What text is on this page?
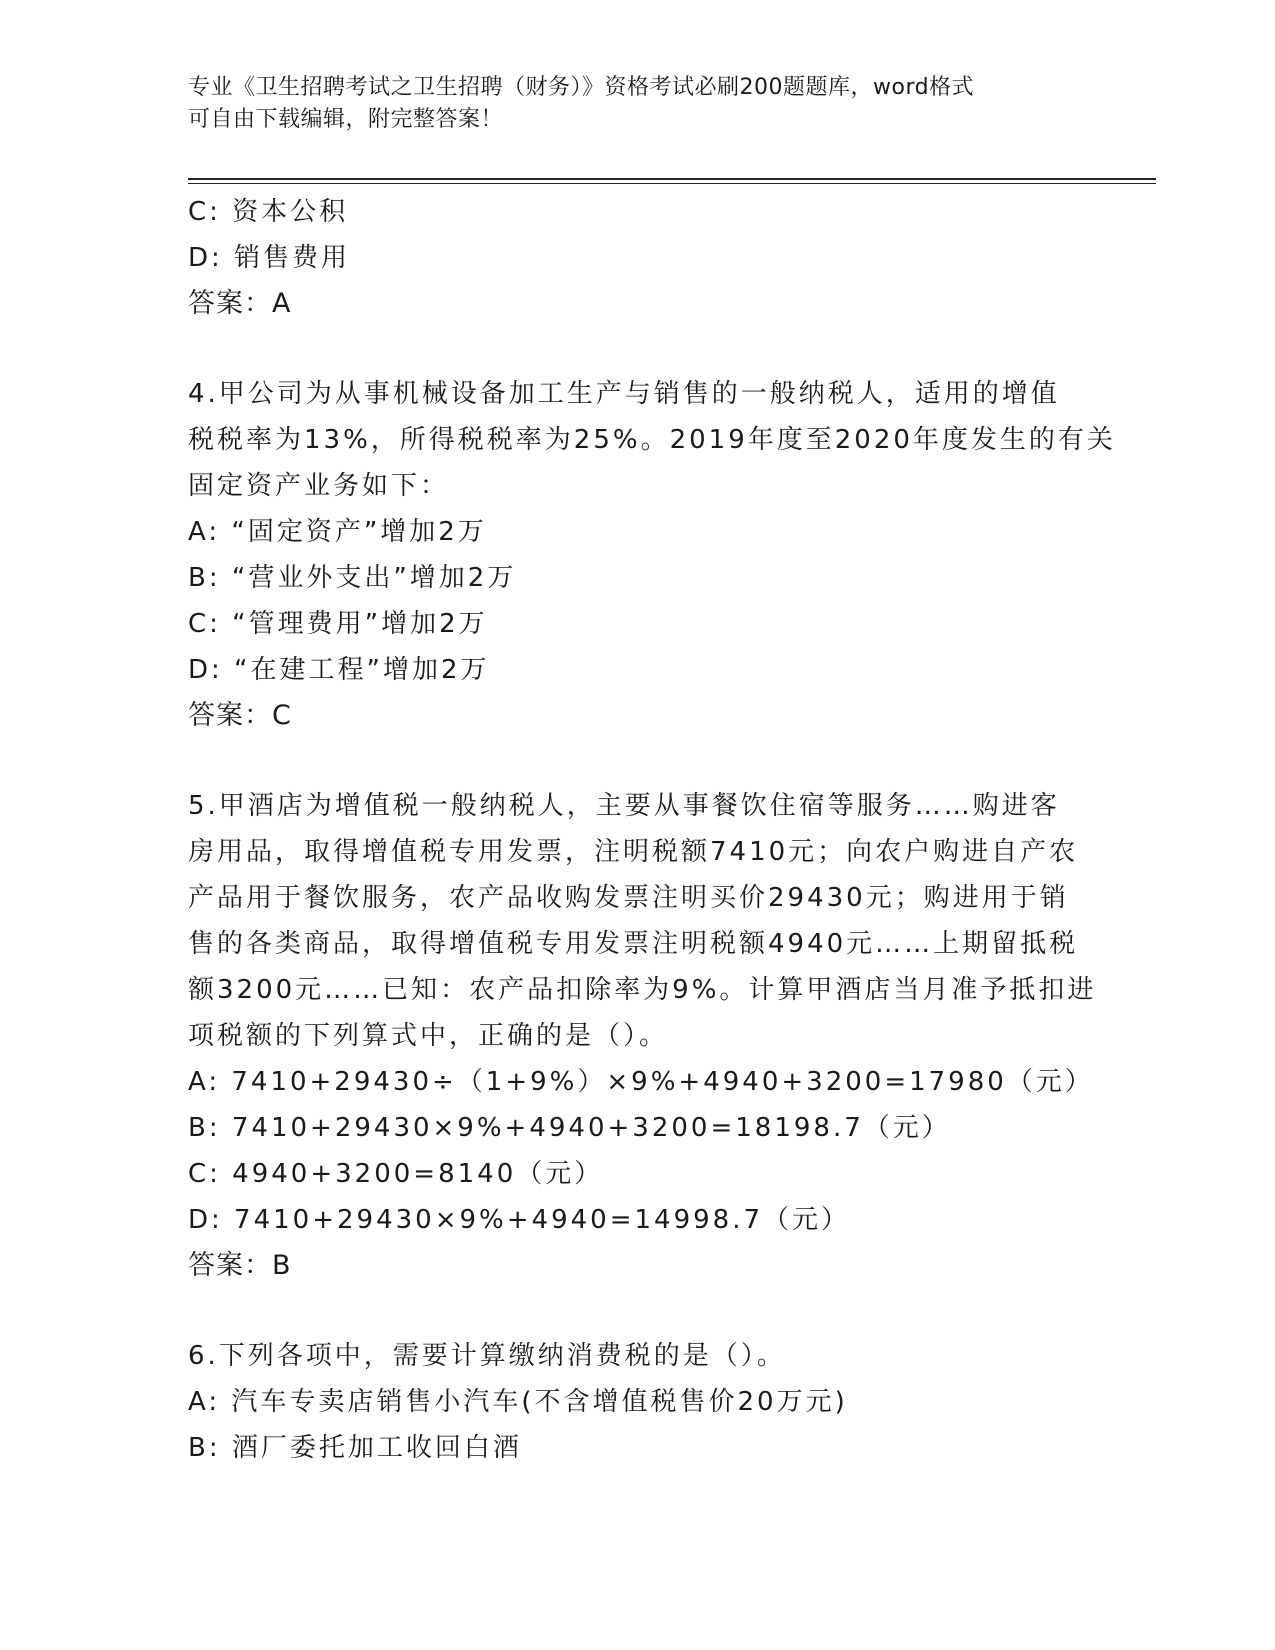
专业《卫生招聘考试之卫生招聘（财务）》资格考试必刷200题题库，word格式
可自由下载编辑，附完整答案！
C: 资本公积
D: 销售费用
答案：A
4.甲公司为从事机械设备加工生产与销售的一般纳税人，适用的增值
税税率为13%，所得税税率为25%。2019年度至2020年度发生的有关
固定资产业务如下：
A: “固定资产”增加2万
B: “营业外支出”增加2万
C: “管理费用”增加2万
D: “在建工程”增加2万
答案：C
5.甲酒店为增值税一般纳税人，主要从事餐饮住宿等服务……购进客
房用品，取得增值税专用发票，注明税额7410元；向农户购进自产农
产品用于餐饮服务，农产品收购发票注明买价29430元；购进用于销
售的各类商品，取得增值税专用发票注明税额4940元……上期留抵税
额3200元……已知：农产品扣除率为9%。计算甲酒店当月准予抵扣进
项税额的下列算式中，正确的是（）。
A: 7410+29430÷（1+9%）×9%+4940+3200=17980（元）
B: 7410+29430×9%+4940+3200=18198.7（元）
C: 4940+3200=8140（元）
D: 7410+29430×9%+4940=14998.7（元）
答案：B
6.下列各项中，需要计算缴纳消费税的是（）。
A: 汽车专卖店销售小汽车(不含增值税售价20万元)
B: 酒厂委托加工收回白酒
